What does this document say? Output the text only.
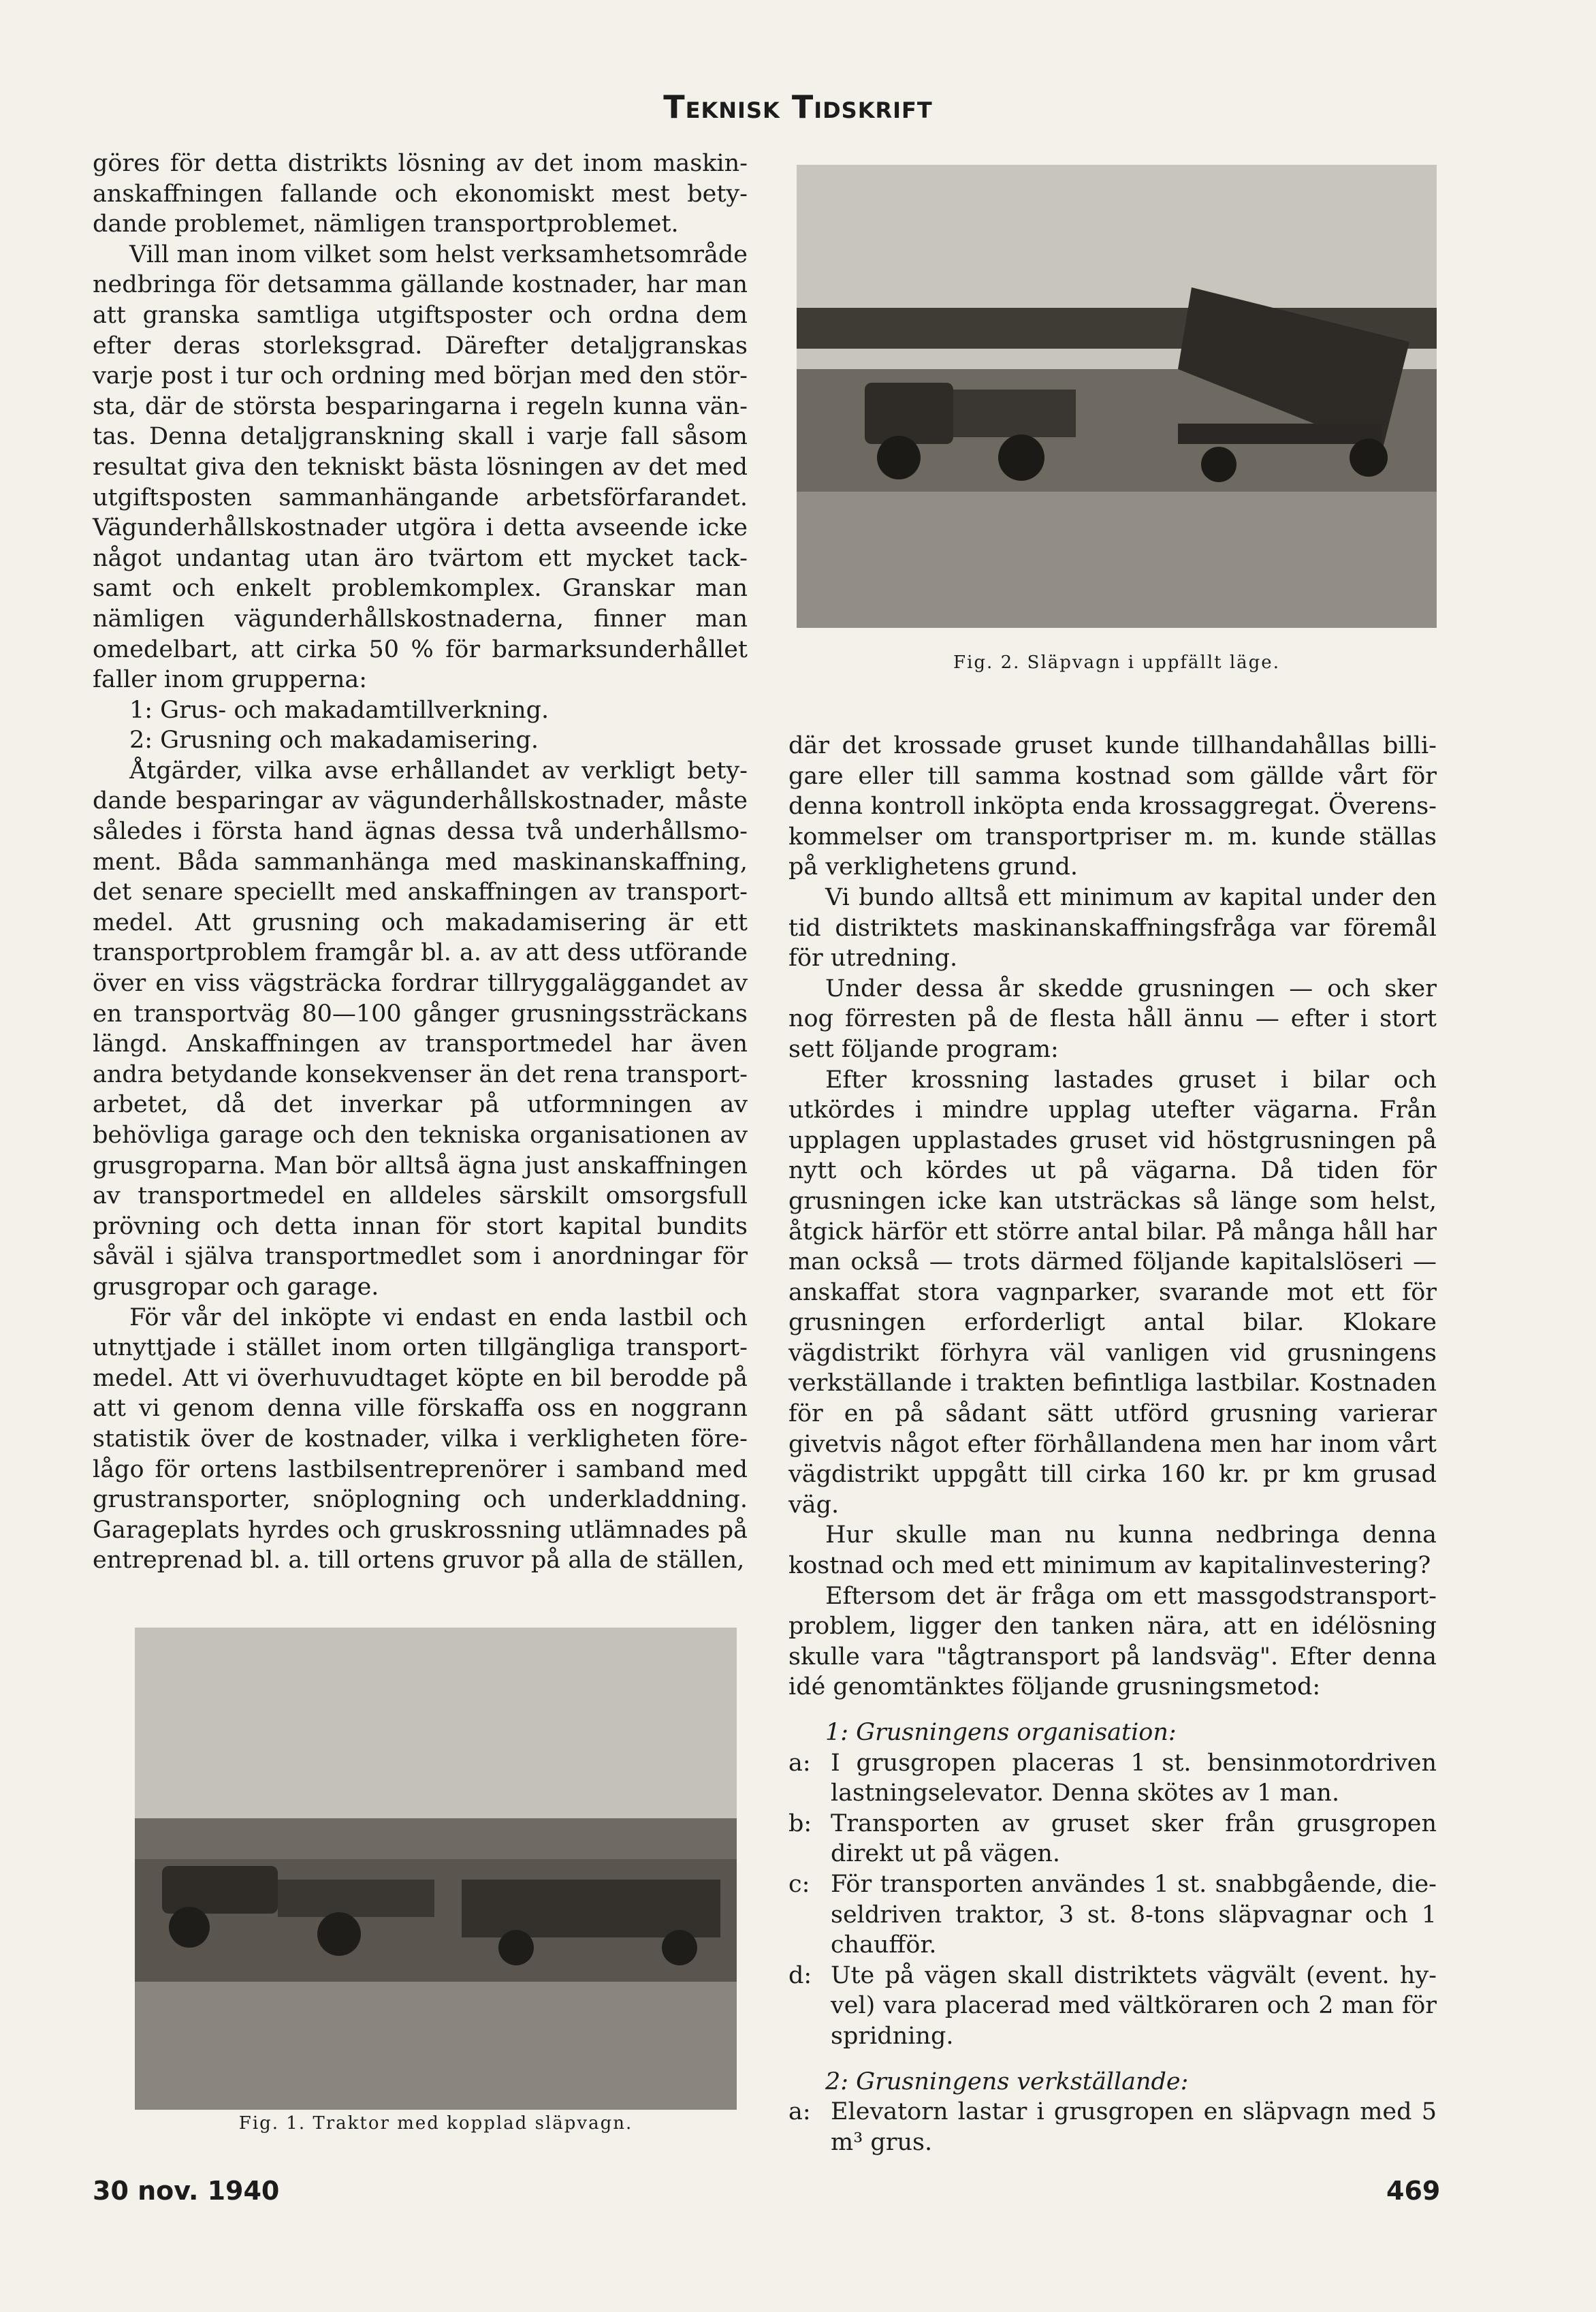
Teknisk Tidskrift

göres för detta distrikts lösning av det inom maskinanskaffningen fallande och ekonomiskt mest betydande problemet, nämligen transportproblemet.

Vill man inom vilket som helst verksamhetsområde nedbringa för detsamma gällande kostnader, har man att granska samtliga utgiftsposter och ordna dem efter deras storleksgrad. Därefter detaljgranskas varje post i tur och ordning med början med den största, där de största besparingarna i regeln kunna väntas. Denna detaljgranskning skall i varje fall såsom resultat giva den tekniskt bästa lösningen av det med utgiftsposten sammanhängande arbetsförfarandet. Vägunderhållskostnader utgöra i detta avseende icke något undantag utan äro tvärtom ett mycket tacksamt och enkelt problemkomplex. Granskar man nämligen vägunderhållskostnaderna, finner man omedelbart, att cirka 50 % för barmarksunderhållet faller inom grupperna:

1: Grus- och makadamtillverkning.

2: Grusning och makadamisering.

Åtgärder, vilka avse erhållandet av verkligt betydande besparingar av vägunderhållskostnader, måste således i första hand ägnas dessa två underhållsmoment. Båda sammanhänga med maskinanskaffning, det senare speciellt med anskaffningen av transportmedel. Att grusning och makadamisering är ett transportproblem framgår bl. a. av att dess utförande över en viss vägsträcka fordrar tillryggaläggandet av en transportväg 80—100 gånger grusningssträckans längd. Anskaffningen av transportmedel har även andra betydande konsekvenser än det rena transportarbetet, då det inverkar på utformningen av behövliga garage och den tekniska organisationen av grusgroparna. Man bör alltså ägna just anskaffningen av transportmedel en alldeles särskilt omsorgsfull prövning och detta innan för stort kapital bundits såväl i själva transportmedlet som i anordningar för grusgropar och garage.

För vår del inköpte vi endast en enda lastbil och utnyttjade i stället inom orten tillgängliga transportmedel. Att vi överhuvudtaget köpte en bil berodde på att vi genom denna ville förskaffa oss en noggrann statistik över de kostnader, vilka i verkligheten förelågo för ortens lastbilsentreprenörer i samband med grustransporter, snöplogning och underkladdning. Garageplats hyrdes och gruskrossning utlämnades på entreprenad bl. a. till ortens gruvor på alla de ställen,

Fig. 1. Traktor med kopplad släpvagn.
Fig. 2. Släpvagn i uppfällt läge.

där det krossade gruset kunde tillhandahållas billigare eller till samma kostnad som gällde vårt för denna kontroll inköpta enda krossaggregat. Överenskommelser om transportpriser m. m. kunde ställas på verklighetens grund.

Vi bundo alltså ett minimum av kapital under den tid distriktets maskinanskaffningsfråga var föremål för utredning.

Under dessa år skedde grusningen — och sker nog förresten på de flesta håll ännu — efter i stort sett följande program:

Efter krossning lastades gruset i bilar och utkördes i mindre upplag utefter vägarna. Från upplagen upplastades gruset vid höstgrusningen på nytt och kördes ut på vägarna. Då tiden för grusningen icke kan utsträckas så länge som helst, åtgick härför ett större antal bilar. På många håll har man också — trots därmed följande kapitalslöseri — anskaffat stora vagnparker, svarande mot ett för grusningen erforderligt antal bilar. Klokare vägdistrikt förhyra väl vanligen vid grusningens verkställande i trakten befintliga lastbilar. Kostnaden för en på sådant sätt utförd grusning varierar givetvis något efter förhållandena men har inom vårt vägdistrikt uppgått till cirka 160 kr. pr km grusad väg.

Hur skulle man nu kunna nedbringa denna kostnad och med ett minimum av kapitalinvestering?

Eftersom det är fråga om ett massgodstransportproblem, ligger den tanken nära, att en idélösning skulle vara "tågtransport på landsväg". Efter denna idé genomtänktes följande grusningsmetod:

1: Grusningens organisation:

a: I grusgropen placeras 1 st. bensinmotordriven lastningselevator. Denna skötes av 1 man.
b: Transporten av gruset sker från grusgropen direkt ut på vägen.
c: För transporten användes 1 st. snabbgående, dieseldriven traktor, 3 st. 8-tons släpvagnar och 1 chaufför.
d: Ute på vägen skall distriktets vägvält (event. hyvel) vara placerad med vältköraren och 2 man för spridning.

2: Grusningens verkställande:

a: Elevatorn lastar i grusgropen en släpvagn med 5 m³ grus.
30 nov. 1940	469
